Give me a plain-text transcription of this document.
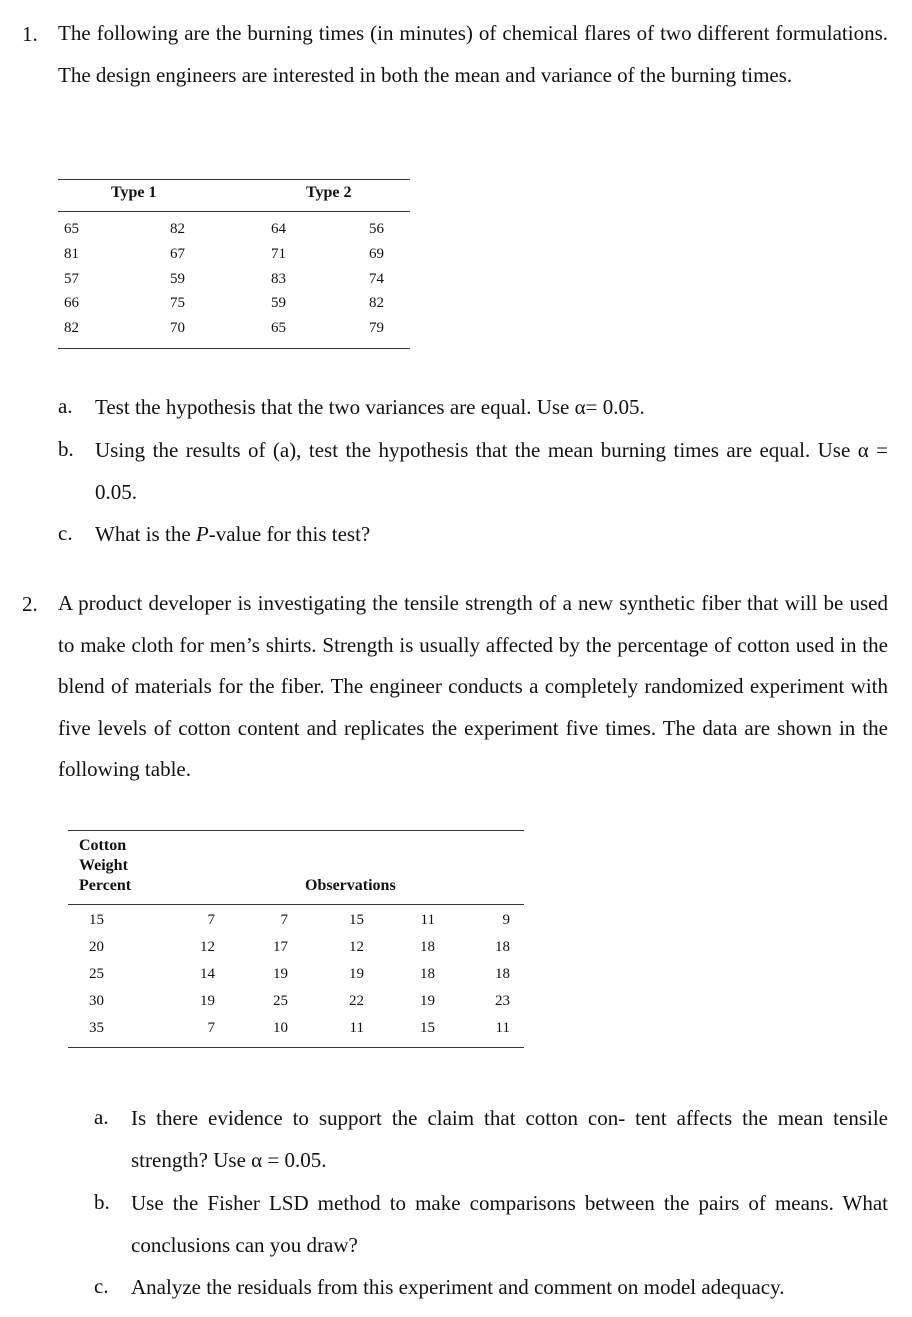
1. The following are the burning times (in minutes) of chemical flares of two different formulations. The design engineers are interested in both the mean and variance of the burning times.
Type 1	Type 2
65	82	64	56
81	67	71	69
57	59	83	74
66	75	59	82
82	70	65	79
a. Test the hypothesis that the two variances are equal. Use α= 0.05.
b. Using the results of (a), test the hypothesis that the mean burning times are equal. Use α = 0.05.
c. What is the P-value for this test?
2. A product developer is investigating the tensile strength of a new synthetic fiber that will be used to make cloth for men’s shirts. Strength is usually affected by the percentage of cotton used in the blend of materials for the fiber. The engineer conducts a completely randomized experiment with five levels of cotton content and replicates the experiment five times. The data are shown in the following table.
Cotton
Weight
Percent	Observations
15	7	7	15	11	9
20	12	17	12	18	18
25	14	19	19	18	18
30	19	25	22	19	23
35	7	10	11	15	11
a. Is there evidence to support the claim that cotton con- tent affects the mean tensile strength? Use α = 0.05.
b. Use the Fisher LSD method to make comparisons between the pairs of means. What conclusions can you draw?
c. Analyze the residuals from this experiment and comment on model adequacy.
